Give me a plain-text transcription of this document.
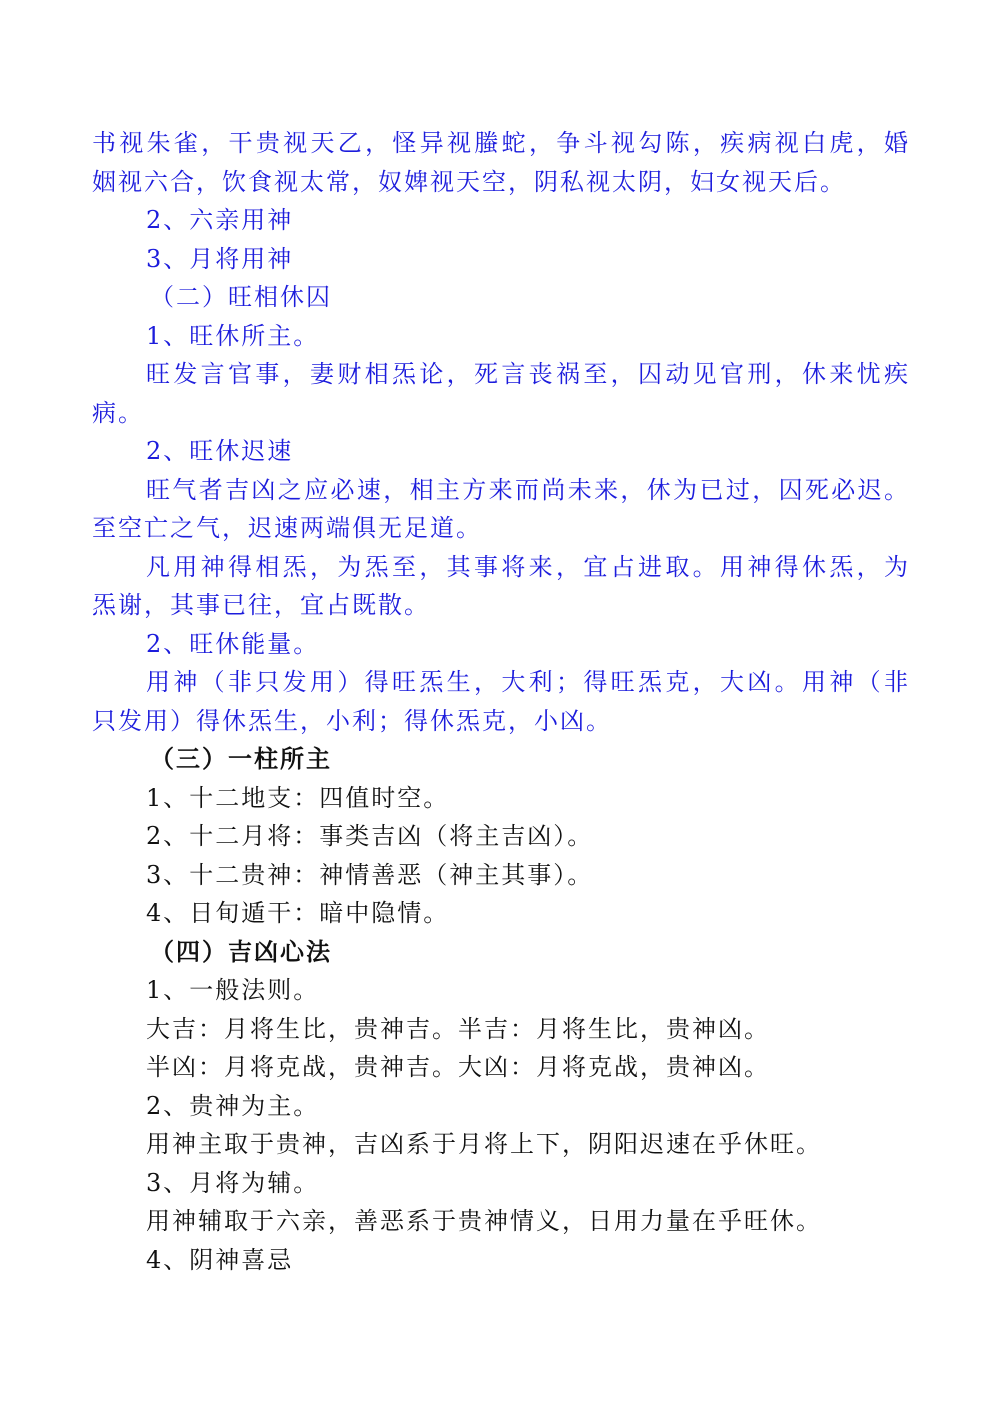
书视朱雀，干贵视天乙，怪异视螣蛇，争斗视勾陈，疾病视白虎，婚

姻视六合，饮食视太常，奴婢视天空，阴私视太阴，妇女视天后。

2、六亲用神

3、月将用神

（二）旺相休囚

1、旺休所主。

旺发言官事，妻财相炁论，死言丧祸至，囚动见官刑，休来忧疾

病。

2、旺休迟速

旺气者吉凶之应必速，相主方来而尚未来，休为已过，囚死必迟。

至空亡之气，迟速两端俱无足道。

凡用神得相炁，为炁至，其事将来，宜占进取。用神得休炁，为

炁谢，其事已往，宜占既散。

2、旺休能量。

用神（非只发用）得旺炁生，大利；得旺炁克，大凶。用神（非

只发用）得休炁生，小利；得休炁克，小凶。

（三）一柱所主

1、十二地支：四值时空。

2、十二月将：事类吉凶（将主吉凶）。

3、十二贵神：神情善恶（神主其事）。

4、日旬遁干：暗中隐情。

（四）吉凶心法

1、一般法则。

大吉：月将生比，贵神吉。半吉：月将生比，贵神凶。

半凶：月将克战，贵神吉。大凶：月将克战，贵神凶。

2、贵神为主。

用神主取于贵神，吉凶系于月将上下，阴阳迟速在乎休旺。

3、月将为辅。

用神辅取于六亲，善恶系于贵神情义，日用力量在乎旺休。

4、阴神喜忌
